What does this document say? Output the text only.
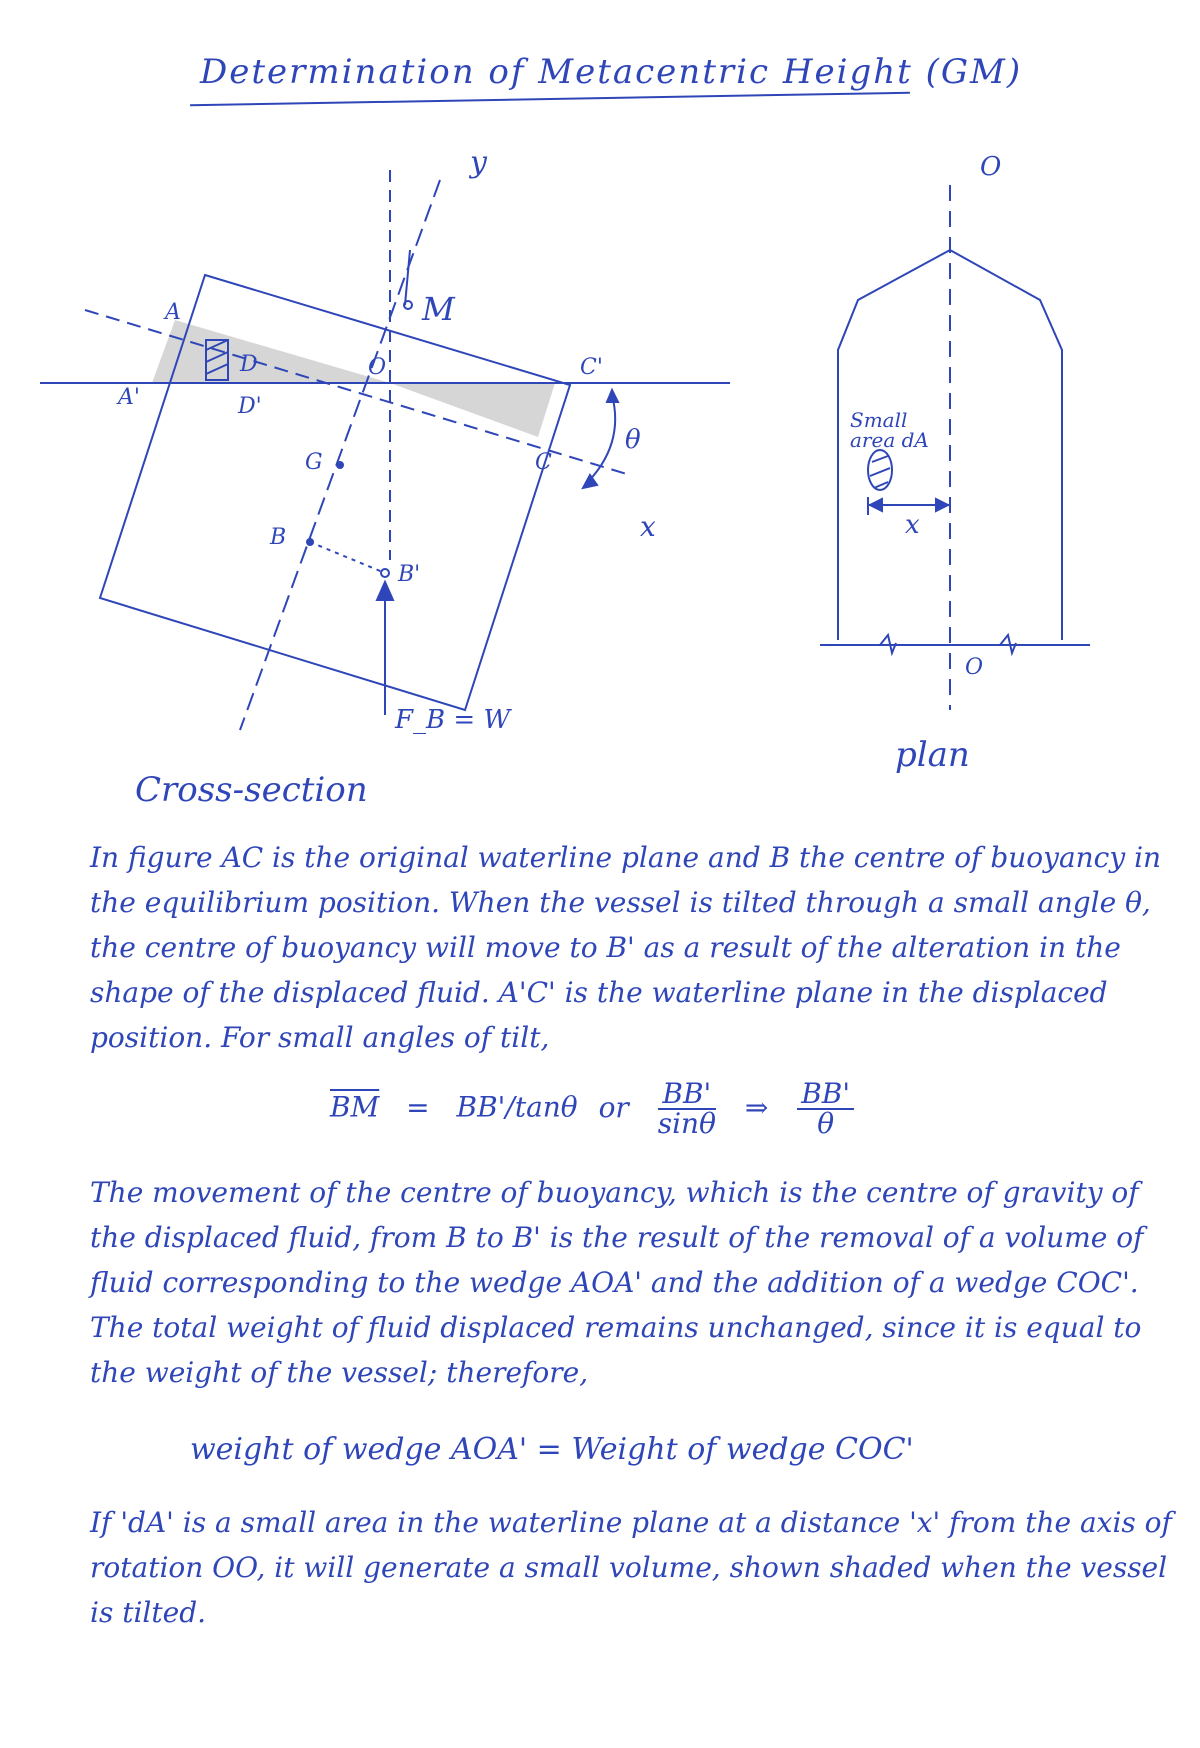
Determination of Metacentric Height (GM)
A
A'
D
D'
O	C'
C
G
B
B'
M
y
x
θ
F_B = W
Cross-section
O
O
Small area dA
x
plan

In figure AC is the original waterline plane and B the centre of buoyancy in the equilibrium position. When the vessel is tilted through a small angle θ, the centre of buoyancy will move to B' as a result of the alteration in the shape of the displaced fluid. A'C' is the waterline plane in the displaced position. For small angles of tilt,

$\overline{BM} = BB'/\tan\theta$ or $\frac{BB'}{\sin\theta}$ ⇒ $\frac{BB'}{\theta}$

The movement of the centre of buoyancy, which is the centre of gravity of the displaced fluid, from B to B' is the result of the removal of a volume of fluid corresponding to the wedge AOA' and the addition of a wedge COC'. The total weight of fluid displaced remains unchanged, since it is equal to the weight of the vessel; therefore,

weight of wedge AOA' = Weight of wedge COC'

If 'dA' is a small area in the waterline plane at a distance 'x' from the axis of rotation OO, it will generate a small volume, shown shaded when the vessel is tilted.
